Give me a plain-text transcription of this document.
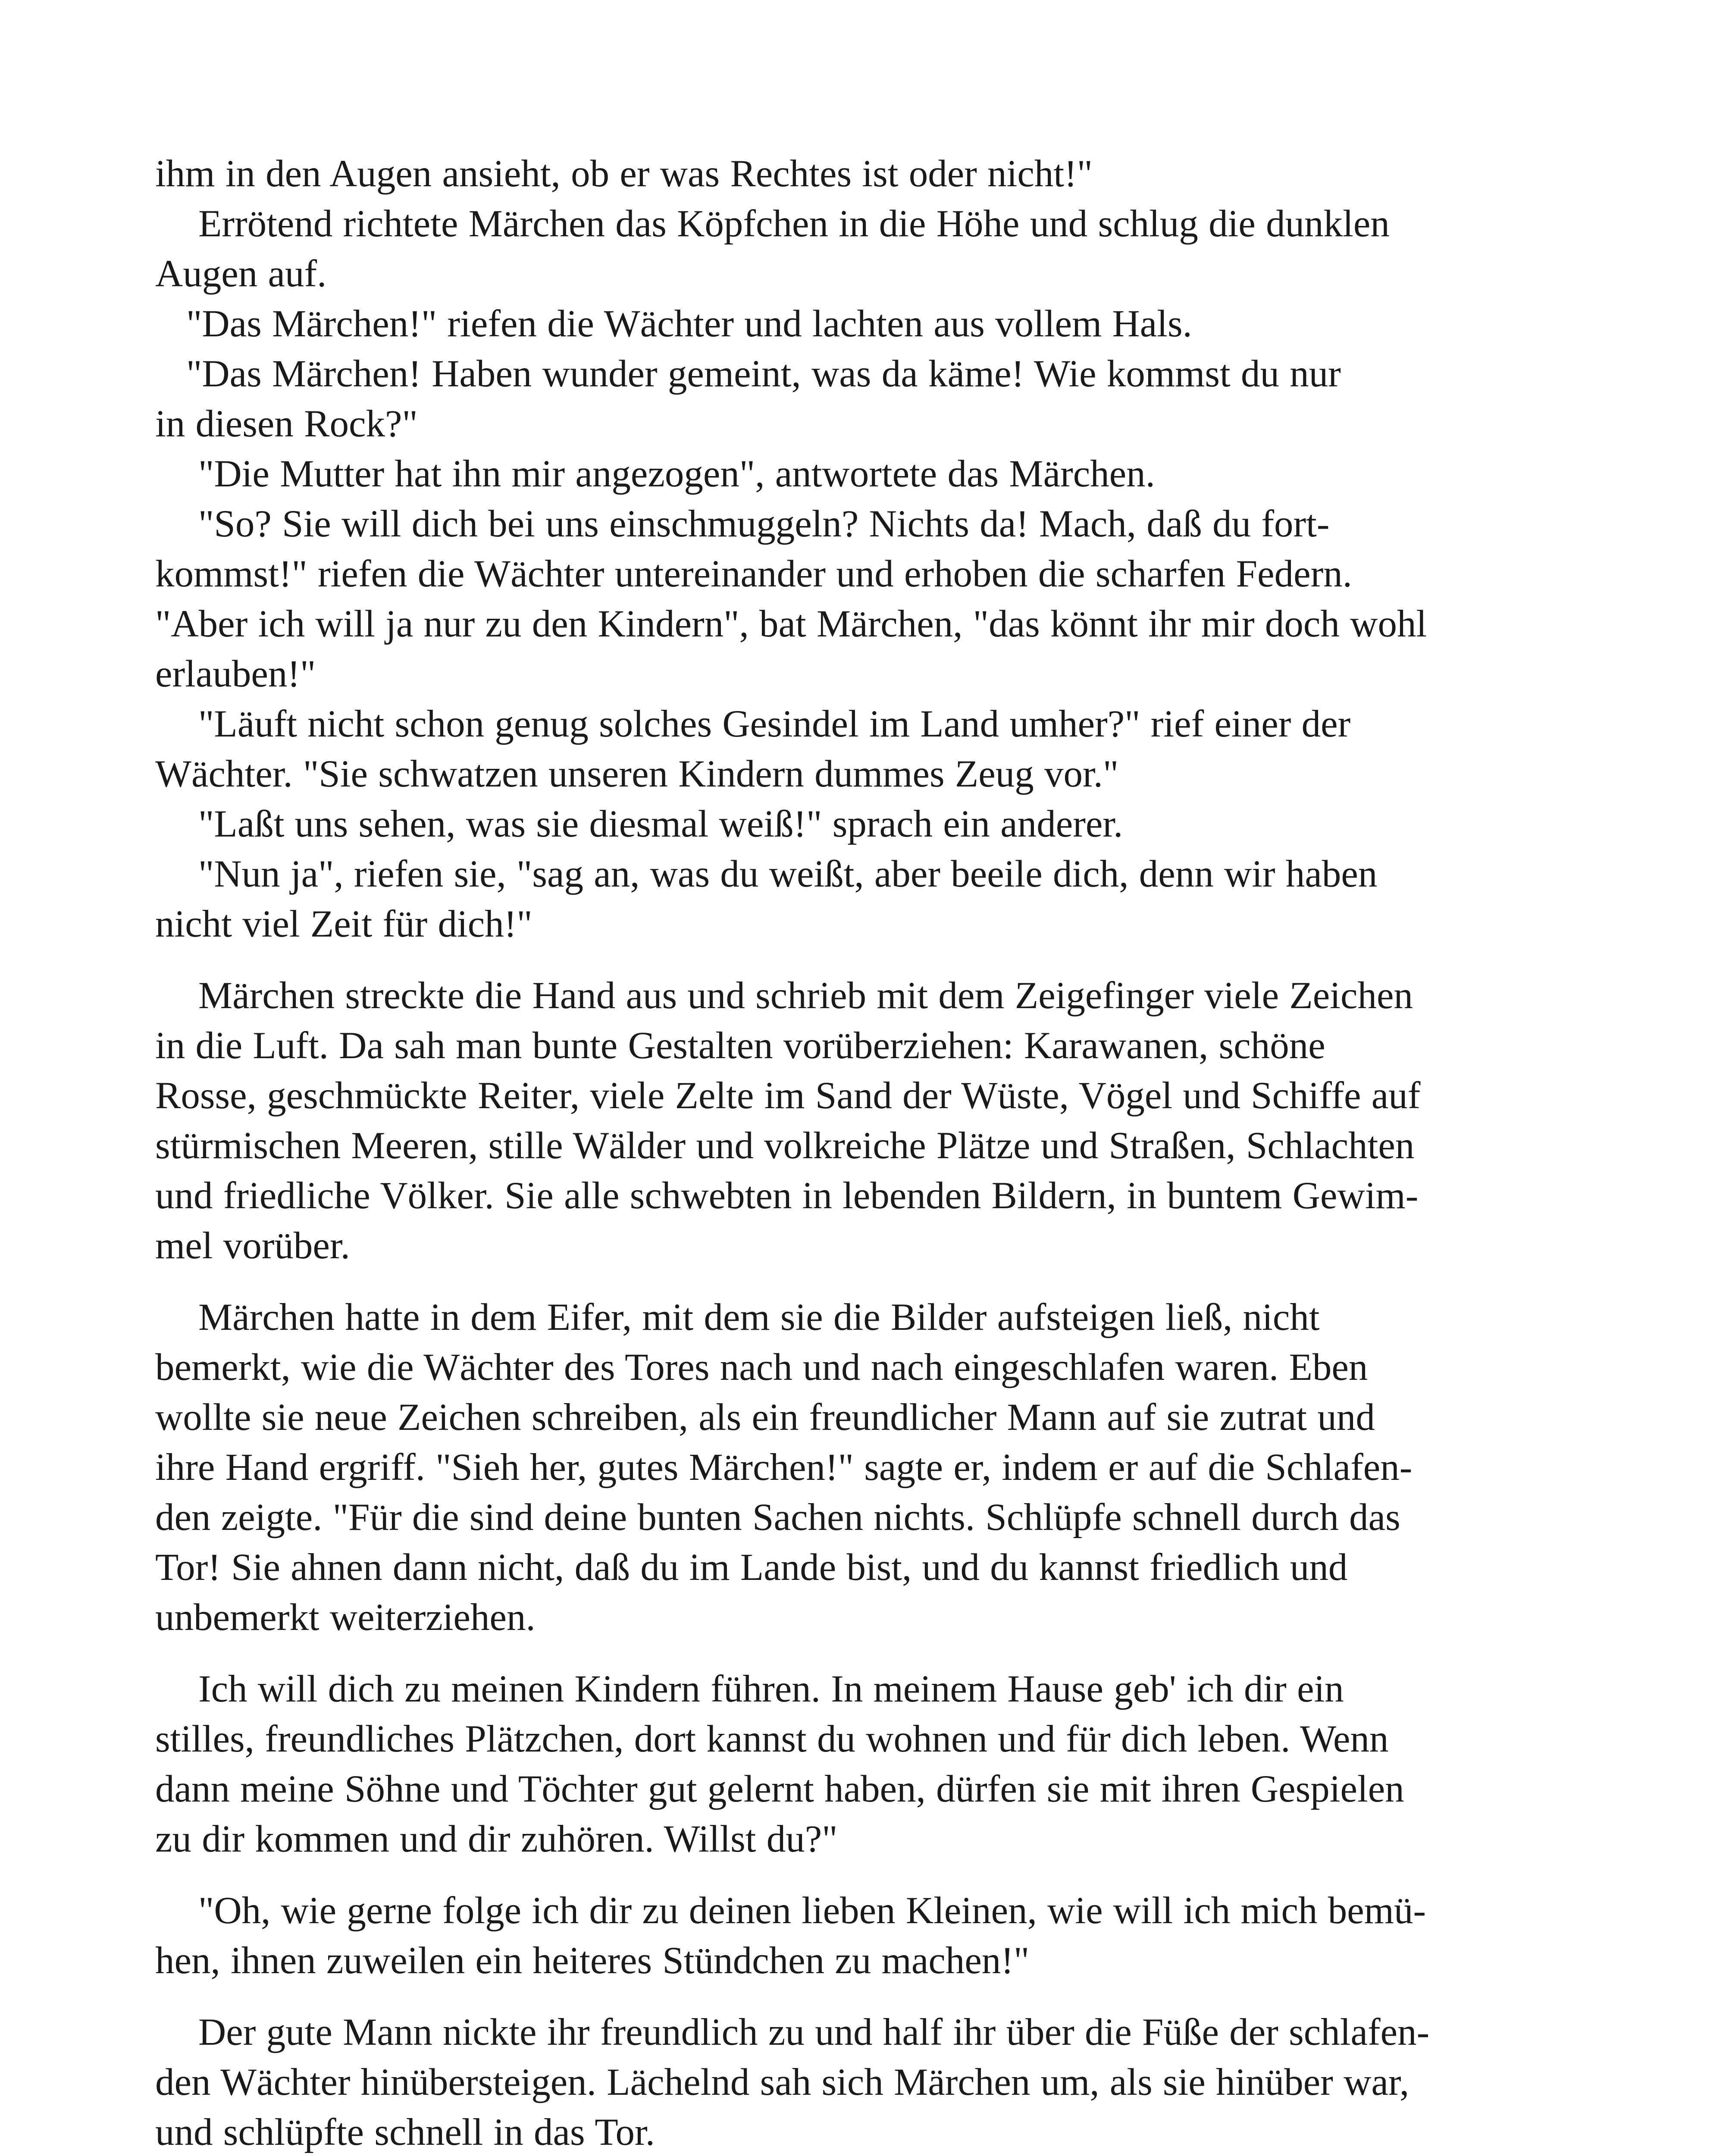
ihm in den Augen ansieht, ob er was Rechtes ist oder nicht!"
Errötend richtete Märchen das Köpfchen in die Höhe und schlug die dunklen
Augen auf.
"Das Märchen!" riefen die Wächter und lachten aus vollem Hals.
"Das Märchen! Haben wunder gemeint, was da käme! Wie kommst du nur
in diesen Rock?"
"Die Mutter hat ihn mir angezogen", antwortete das Märchen.
"So? Sie will dich bei uns einschmuggeln? Nichts da! Mach, daß du fort-
kommst!" riefen die Wächter untereinander und erhoben die scharfen Federn.
"Aber ich will ja nur zu den Kindern", bat Märchen, "das könnt ihr mir doch wohl
erlauben!"
"Läuft nicht schon genug solches Gesindel im Land umher?" rief einer der
Wächter. "Sie schwatzen unseren Kindern dummes Zeug vor."
"Laßt uns sehen, was sie diesmal weiß!" sprach ein anderer.
"Nun ja", riefen sie, "sag an, was du weißt, aber beeile dich, denn wir haben
nicht viel Zeit für dich!"
Märchen streckte die Hand aus und schrieb mit dem Zeigefinger viele Zeichen
in die Luft. Da sah man bunte Gestalten vorüberziehen: Karawanen, schöne
Rosse, geschmückte Reiter, viele Zelte im Sand der Wüste, Vögel und Schiffe auf
stürmischen Meeren, stille Wälder und volkreiche Plätze und Straßen, Schlachten
und friedliche Völker. Sie alle schwebten in lebenden Bildern, in buntem Gewim-
mel vorüber.
Märchen hatte in dem Eifer, mit dem sie die Bilder aufsteigen ließ, nicht
bemerkt, wie die Wächter des Tores nach und nach eingeschlafen waren. Eben
wollte sie neue Zeichen schreiben, als ein freundlicher Mann auf sie zutrat und
ihre Hand ergriff. "Sieh her, gutes Märchen!" sagte er, indem er auf die Schlafen-
den zeigte. "Für die sind deine bunten Sachen nichts. Schlüpfe schnell durch das
Tor! Sie ahnen dann nicht, daß du im Lande bist, und du kannst friedlich und
unbemerkt weiterziehen.
Ich will dich zu meinen Kindern führen. In meinem Hause geb' ich dir ein
stilles, freundliches Plätzchen, dort kannst du wohnen und für dich leben. Wenn
dann meine Söhne und Töchter gut gelernt haben, dürfen sie mit ihren Gespielen
zu dir kommen und dir zuhören. Willst du?"
"Oh, wie gerne folge ich dir zu deinen lieben Kleinen, wie will ich mich bemü-
hen, ihnen zuweilen ein heiteres Stündchen zu machen!"
Der gute Mann nickte ihr freundlich zu und half ihr über die Füße der schlafen-
den Wächter hinübersteigen. Lächelnd sah sich Märchen um, als sie hinüber war,
und schlüpfte schnell in das Tor.
